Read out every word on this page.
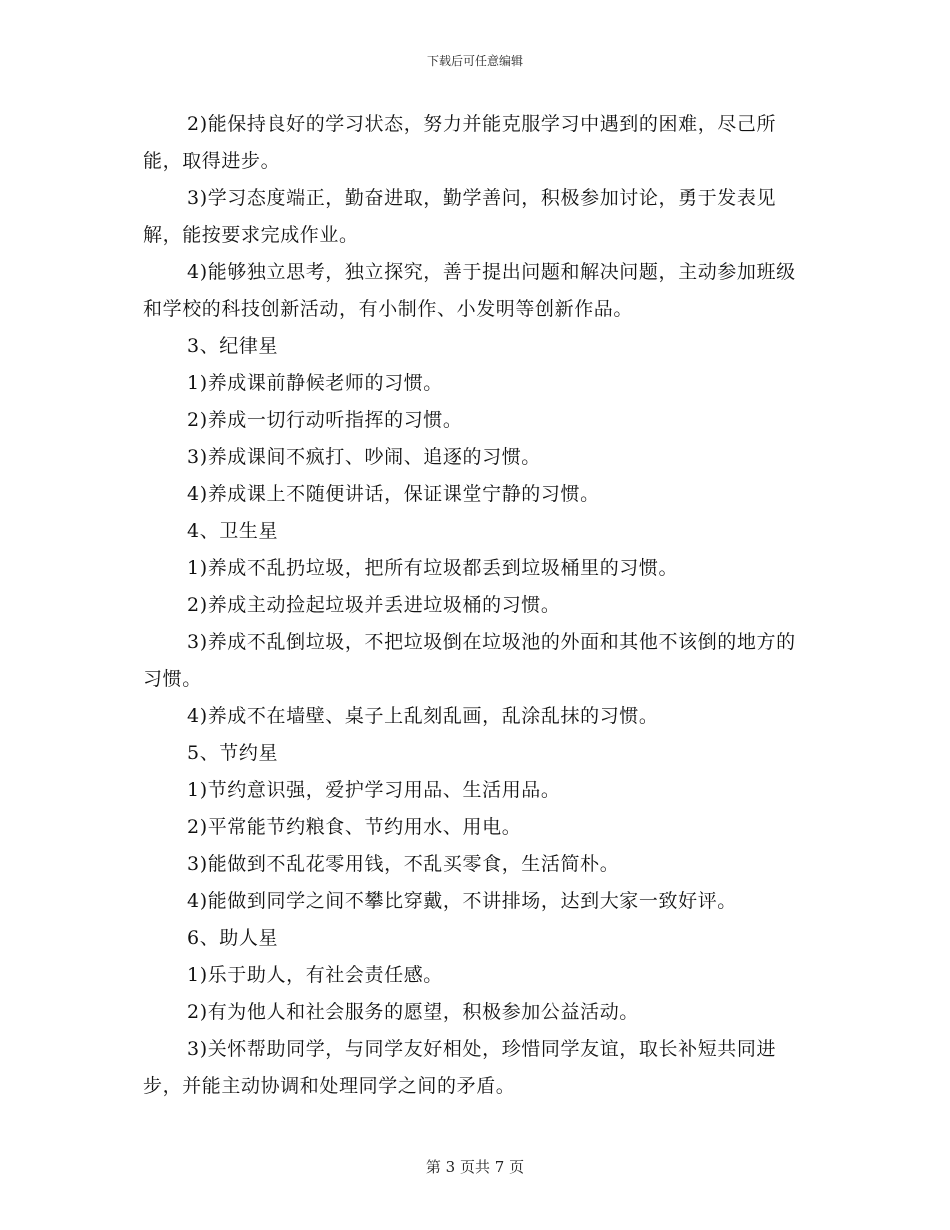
下载后可任意编辑

2)能保持良好的学习状态，努力并能克服学习中遇到的困难，尽己所能，取得进步。

3)学习态度端正，勤奋进取，勤学善问，积极参加讨论，勇于发表见解，能按要求完成作业。

4)能够独立思考，独立探究，善于提出问题和解决问题，主动参加班级和学校的科技创新活动，有小制作、小发明等创新作品。

3、纪律星

1)养成课前静候老师的习惯。

2)养成一切行动听指挥的习惯。

3)养成课间不疯打、吵闹、追逐的习惯。

4)养成课上不随便讲话，保证课堂宁静的习惯。

4、卫生星

1)养成不乱扔垃圾，把所有垃圾都丢到垃圾桶里的习惯。

2)养成主动捡起垃圾并丢进垃圾桶的习惯。

3)养成不乱倒垃圾，不把垃圾倒在垃圾池的外面和其他不该倒的地方的习惯。

4)养成不在墙壁、桌子上乱刻乱画，乱涂乱抹的习惯。

5、节约星

1)节约意识强，爱护学习用品、生活用品。

2)平常能节约粮食、节约用水、用电。

3)能做到不乱花零用钱，不乱买零食，生活简朴。

4)能做到同学之间不攀比穿戴，不讲排场，达到大家一致好评。

6、助人星

1)乐于助人，有社会责任感。

2)有为他人和社会服务的愿望，积极参加公益活动。

3)关怀帮助同学，与同学友好相处，珍惜同学友谊，取长补短共同进步，并能主动协调和处理同学之间的矛盾。

第 3 页共 7 页
